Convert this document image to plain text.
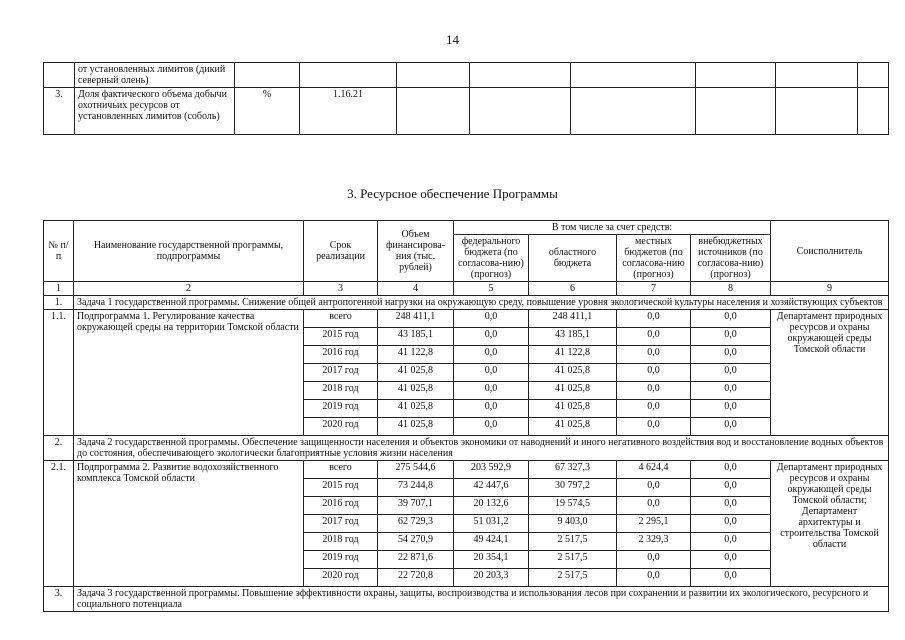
14
	от установленных лимитов (дикий северный олень)								
3.	Доля фактического объема добычи охотничьих ресурсов от установленных лимитов (соболь)	%	1.16.21						
3. Ресурсное обеспечение Программы
№ п/п	Наименование государственной программы, подпрограммы	Срок реализации	Объем финансирова-ния (тыс. рублей)	В том числе за счет средств:				Соисполнитель
				федерального бюджета (по согласова-нию) (прогноз)	областного бюджета	местных бюджетов (по согласова-нию (прогноз)	внебюджетных источников (по согласова-нию) (прогноз)	
1	2	3	4	5	6	7	8	9
1.	Задача 1 государственной программы. Снижение общей антропогенной нагрузки на окружающую среду, повышение уровня экологической культуры населения и хозяйствующих субъектов							
1.1.	Подпрограмма 1. Регулирование качества окружающей среды на территории Томской области	всего	248 411,1	0,0	248 411,1	0,0	0,0	Департамент природных ресурсов и охраны окружающей среды Томской области
		2015 год	43 185,1	0,0	43 185,1	0,0	0,0	
		2016 год	41 122,8	0,0	41 122,8	0,0	0,0	
		2017 год	41 025,8	0,0	41 025,8	0,0	0,0	
		2018 год	41 025,8	0,0	41 025,8	0,0	0,0	
		2019 год	41 025,8	0,0	41 025,8	0,0	0,0	
		2020 год	41 025,8	0,0	41 025,8	0,0	0,0	
2.	Задача 2 государственной программы. Обеспечение защищенности населения и объектов экономики от наводнений и иного негативного воздействия вод и восстановление водных объектов до состояния, обеспечивающего экологически благоприятные условия жизни населения							
2.1.	Подпрограмма 2. Развитие водохозяйственного комплекса Томской области	всего	275 544,6	203 592,9	67 327,3	4 624,4	0,0	Департамент природных ресурсов и охраны окружающей среды Томской области; Департамент архитектуры и строительства Томской области
		2015 год	73 244,8	42 447,6	30 797,2	0,0	0,0	
		2016 год	39 707,1	20 132,6	19 574,5	0,0	0,0	
		2017 год	62 729,3	51 031,2	9 403,0	2 295,1	0,0	
		2018 год	54 270,9	49 424,1	2 517,5	2 329,3	0,0	
		2019 год	22 871,6	20 354,1	2 517,5	0,0	0,0	
		2020 год	22 720,8	20 203,3	2 517,5	0,0	0,0	
3.	Задача 3 государственной программы. Повышение эффективности охраны, защиты, воспроизводства и использования лесов при сохранении и развитии их экологического, ресурсного и социального потенциала							
